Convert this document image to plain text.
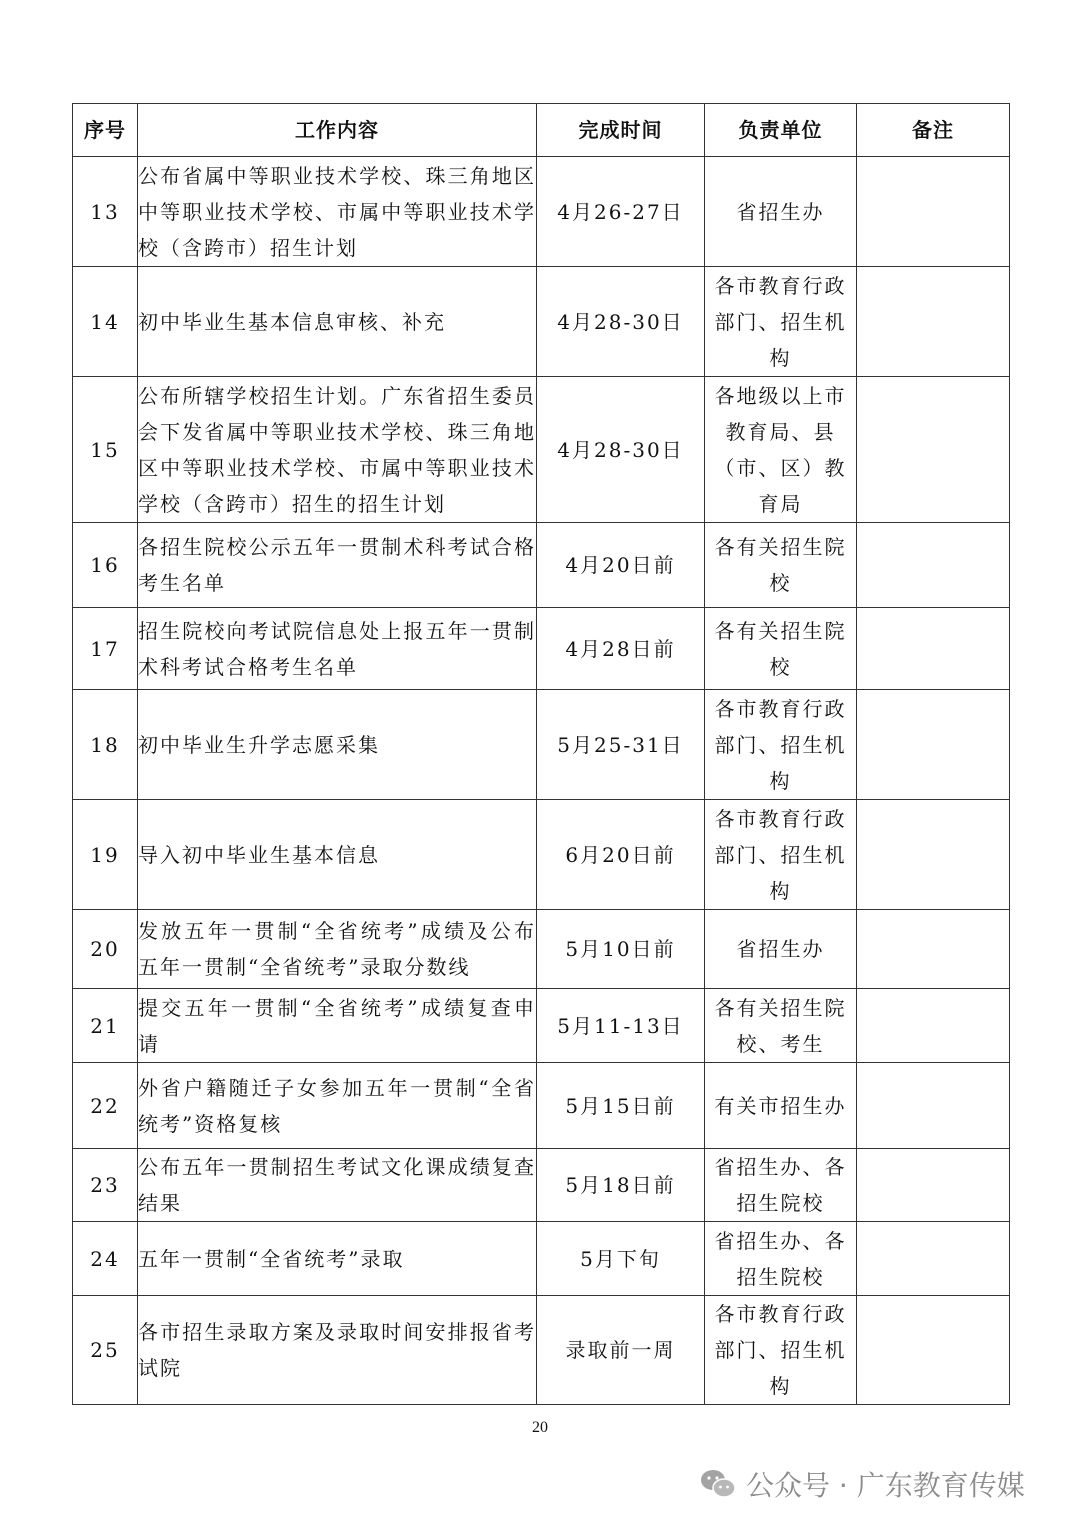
序号	工作内容	完成时间	负责单位	备注
13	公布省属中等职业技术学校、珠三角地区中等职业技术学校、市属中等职业技术学校（含跨市）招生计划	4月26-27日	省招生办	
14	初中毕业生基本信息审核、补充	4月28-30日	各市教育行政部门、招生机构	
15	公布所辖学校招生计划。广东省招生委员会下发省属中等职业技术学校、珠三角地区中等职业技术学校、市属中等职业技术学校（含跨市）招生的招生计划	4月28-30日	各地级以上市教育局、县（市、区）教育局	
16	各招生院校公示五年一贯制术科考试合格考生名单	4月20日前	各有关招生院校	
17	招生院校向考试院信息处上报五年一贯制术科考试合格考生名单	4月28日前	各有关招生院校	
18	初中毕业生升学志愿采集	5月25-31日	各市教育行政部门、招生机构	
19	导入初中毕业生基本信息	6月20日前	各市教育行政部门、招生机构	
20	发放五年一贯制“全省统考”成绩及公布五年一贯制“全省统考”录取分数线	5月10日前	省招生办	
21	提交五年一贯制“全省统考”成绩复查申请	5月11-13日	各有关招生院校、考生	
22	外省户籍随迁子女参加五年一贯制“全省统考”资格复核	5月15日前	有关市招生办	
23	公布五年一贯制招生考试文化课成绩复查结果	5月18日前	省招生办、各招生院校	
24	五年一贯制“全省统考”录取	5月下旬	省招生办、各招生院校	
25	各市招生录取方案及录取时间安排报省考试院	录取前一周	各市教育行政部门、招生机构	
20
公众号 · 广东教育传媒
